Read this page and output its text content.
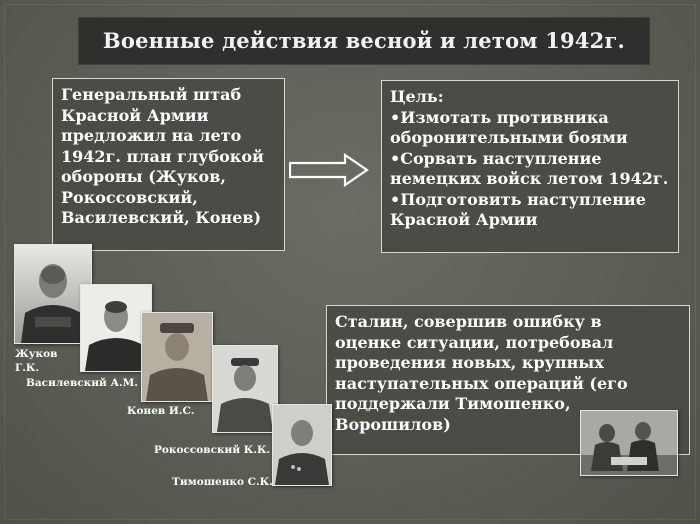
Военные действия весной и летом 1942г.

Генеральный штаб

Красной Армии

предложил на лето

1942г. план глубокой

обороны (Жуков,

Рокоссовский,

Василевский, Конев)

Цель:

•Измотать противника

оборонительными боями

•Сорвать наступление

немецких войск летом 1942г.

•Подготовить наступление

Красной Армии

Сталин, совершив ошибку в

оценке ситуации, потребовал

проведения новых, крупных

наступательных операций (его

поддержали Тимошенко,

Ворошилов)

Жуков
Г.К.
Василевский А.М.
Конев И.С.
Рокоссовский К.К.
Тимошенко С.К.
